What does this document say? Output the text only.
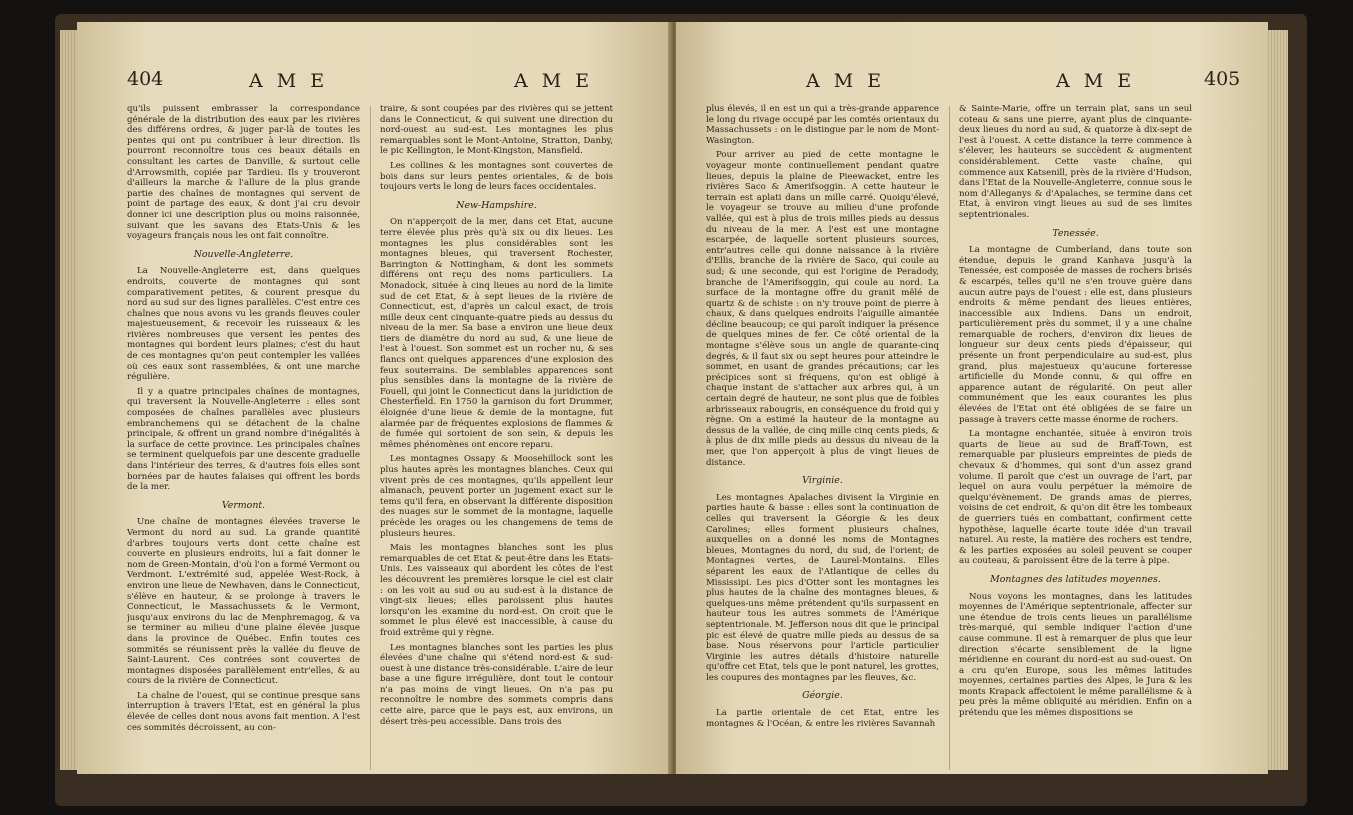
404	A M E	A M E

qu'ils puissent embrasser la correspondance générale de la distribution des eaux par les rivières des différens ordres, & juger par-là de toutes les pentes qui ont pu contribuer à leur direction. Ils pourront reconnoître tous ces beaux détails en consultant les cartes de Danville, & surtout celle d'Arrowsmith, copiée par Tardieu. Ils y trouveront d'ailleurs la marche & l'allure de la plus grande partie des chaînes de montagnes qui servent de point de partage des eaux, & dont j'ai cru devoir donner ici une description plus ou moins raisonnée, suivant que les savans des Etats-Unis & les voyageurs français nous les ont fait connoître.

Nouvelle-Angleterre.

La Nouvelle-Angleterre est, dans quelques endroits, couverte de montagnes qui sont comparativement petites, & courent presque du nord au sud sur des lignes parallèles. C'est entre ces chaînes que nous avons vu les grands fleuves couler majestueusement, & recevoir les ruisseaux & les rivières nombreuses que versent les pentes des montagnes qui bordent leurs plaines; c'est du haut de ces montagnes qu'on peut contempler les vallées où ces eaux sont rassemblées, & ont une marche régulière.

Il y a quatre principales chaînes de montagnes, qui traversent la Nouvelle-Angleterre : elles sont composées de chaînes parallèles avec plusieurs embranchemens qui se détachent de la chaîne principale, & offrent un grand nombre d'inégalités à la surface de cette province. Les principales chaînes se terminent quelquefois par une descente graduelle dans l'intérieur des terres, & d'autres fois elles sont bornées par de hautes falaises qui offrent les bords de la mer.

Vermont.

Une chaîne de montagnes élevées traverse le Vermont du nord au sud. La grande quantité d'arbres toujours verts dont cette chaîne est couverte en plusieurs endroits, lui a fait donner le nom de Green-Montain, d'où l'on a formé Vermont ou Verdmont. L'extrémité sud, appelée West-Rock, à environ une lieue de Newhaven, dans le Connecticut, s'élève en hauteur, & se prolonge à travers le Connecticut, le Massachussets & le Vermont, jusqu'aux environs du lac de Menphremagog, & va se terminer au milieu d'une plaine élevée jusque dans la province de Québec. Enfin toutes ces sommités se réunissent près la vallée du fleuve de Saint-Laurent. Ces contrées sont couvertes de montagnes disposées parallèlement entr'elles, & au cours de la rivière de Connecticut.

La chaîne de l'ouest, qui se continue presque sans interruption à travers l'Etat, est en général la plus élevée de celles dont nous avons fait mention. A l'est ces sommités décroissent, au con-

traire, & sont coupées par des rivières qui se jettent dans le Connecticut, & qui suivent une direction du nord-ouest au sud-est. Les montagnes les plus remarquables sont le Mont-Antoine, Stratton, Danby, le pic Kellington, le Mont-Kingston, Mansfield.

Les collines & les montagnes sont couvertes de bois dans sur leurs pentes orientales, & de bois toujours verts le long de leurs faces occidentales.

New-Hampshire.

On n'apperçoit de la mer, dans cet Etat, aucune terre élevée plus près qu'à six ou dix lieues. Les montagnes les plus considérables sont les montagnes bleues, qui traversent Rochester, Barrington & Nottingham, & dont les sommets différens ont reçu des noms particuliers. La Monadock, située à cinq lieues au nord de la limite sud de cet Etat, & à sept lieues de la rivière de Connecticut, est, d'après un calcul exact, de trois mille deux cent cinquante-quatre pieds au dessus du niveau de la mer. Sa base a environ une lieue deux tiers de diamètre du nord au sud, & une lieue de l'est à l'ouest. Son sommet est un rocher nu, & ses flancs ont quelques apparences d'une explosion des feux souterrains. De semblables apparences sont plus sensibles dans la montagne de la rivière de Fouell, qui joint le Connecticut dans la juridiction de Chesterfield. En 1750 la garnison du fort Drummer, éloignée d'une lieue & demie de la montagne, fut alarmée par de fréquentes explosions de flammes & de fumée qui sortoient de son sein, & depuis les mêmes phénomènes ont encore reparu.

Les montagnes Ossapy & Moosehillock sont les plus hautes après les montagnes blanches. Ceux qui vivent près de ces montagnes, qu'ils appellent leur almanach, peuvent porter un jugement exact sur le tems qu'il fera, en observant la différente disposition des nuages sur le sommet de la montagne, laquelle précède les orages ou les changemens de tems de plusieurs heures.

Mais les montagnes blanches sont les plus remarquables de cet Etat & peut-être dans les Etats-Unis. Les vaisseaux qui abordent les côtes de l'est les découvrent les premières lorsque le ciel est clair : on les voit au sud ou au sud-est à la distance de vingt-six lieues; elles paroissent plus hautes lorsqu'on les examine du nord-est. On croit que le sommet le plus élevé est inaccessible, à cause du froid extrême qui y règne.

Les montagnes blanches sont les parties les plus élevées d'une chaîne qui s'étend nord-est & sud-ouest à une distance très-considérable. L'aire de leur base a une figure irrégulière, dont tout le contour n'a pas moins de vingt lieues. On n'a pas pu reconnoître le nombre des sommets compris dans cette aire, parce que le pays est, aux environs, un désert très-peu accessible. Dans trois des

A M E	A M E	405

plus élevés, il en est un qui a très-grande apparence le long du rivage occupé par les comtés orientaux du Massachussets : on le distingue par le nom de Mont-Wasington.

Pour arriver au pied de cette montagne le voyageur monte continuellement pendant quatre lieues, depuis la plaine de Pieewacket, entre les rivières Saco & Amerifsoggin. A cette hauteur le terrain est aplati dans un mille carré. Quoiqu'élevé, le voyageur se trouve au milieu d'une profonde vallée, qui est à plus de trois milles pieds au dessus du niveau de la mer. A l'est est une montagne escarpée, de laquelle sortent plusieurs sources, entr'autres celle qui donne naissance à la rivière d'Ellis, branche de la rivière de Saco, qui coule au sud; & une seconde, qui est l'origine de Peradody, branche de l'Amerifsoggin, qui coule au nord. La surface de la montagne offre du granit mêlé de quartz & de schiste : on n'y trouve point de pierre à chaux, & dans quelques endroits l'aiguille aimantée décline beaucoup; ce qui paroît indiquer la présence de quelques mines de fer. Ce côté oriental de la montagne s'élève sous un angle de quarante-cinq degrés, & il faut six ou sept heures pour atteindre le sommet, en usant de grandes précautions; car les précipices sont si fréquens, qu'on est obligé à chaque instant de s'attacher aux arbres qui, à un certain degré de hauteur, ne sont plus que de foibles arbrisseaux rabougris, en conséquence du froid qui y règne. On a estimé la hauteur de la montagne au dessus de la vallée, de cinq mille cinq cents pieds, & à plus de dix mille pieds au dessus du niveau de la mer, que l'on apperçoit à plus de vingt lieues de distance.

Virginie.

Les montagnes Apalaches divisent la Virginie en parties haute & basse : elles sont la continuation de celles qui traversent la Géorgie & les deux Carolines; elles forment plusieurs chaînes, auxquelles on a donné les noms de Montagnes bleues, Montagnes du nord, du sud, de l'orient; de Montagnes vertes, de Laurel-Montains. Elles séparent les eaux de l'Atlantique de celles du Mississipi. Les pics d'Otter sont les montagnes les plus hautes de la chaîne des montagnes bleues, & quelques-uns même prétendent qu'ils surpassent en hauteur tous les autres sommets de l'Amérique septentrionale. M. Jefferson nous dit que le principal pic est élevé de quatre mille pieds au dessus de sa base. Nous réservons pour l'article particulier Virginie les autres détails d'histoire naturelle qu'offre cet Etat, tels que le pont naturel, les grottes, les coupures des montagnes par les fleuves, &c.

Géorgie.

La partie orientale de cet Etat, entre les montagnes & l'Océan, & entre les rivières Savannah

& Sainte-Marie, offre un terrain plat, sans un seul coteau & sans une pierre, ayant plus de cinquante-deux lieues du nord au sud, & quatorze à dix-sept de l'est à l'ouest. A cette distance la terre commence à s'élever, les hauteurs se succèdent & augmentent considérablement. Cette vaste chaîne, qui commence aux Katsenill, près de la rivière d'Hudson, dans l'Etat de la Nouvelle-Angleterre, connue sous le nom d'Alleganys & d'Apalaches, se termine dans cet Etat, à environ vingt lieues au sud de ses limites septentrionales.

Tenessée.

La montagne de Cumberland, dans toute son étendue, depuis le grand Kanhava jusqu'à la Tenessée, est composée de masses de rochers brisés & escarpés, telles qu'il ne s'en trouve guère dans aucun autre pays de l'ouest : elle est, dans plusieurs endroits & même pendant des lieues entières, inaccessible aux Indiens. Dans un endroit, particulièrement près du sommet, il y a une chaîne remarquable de rochers, d'environ dix lieues de longueur sur deux cents pieds d'épaisseur, qui présente un front perpendiculaire au sud-est, plus grand, plus majestueux qu'aucune forteresse artificielle du Monde connu, & qui offre en apparence autant de régularité. On peut aller communément que les eaux courantes les plus élevées de l'Etat ont été obligées de se faire un passage à travers cette masse énorme de rochers.

La montagne enchantée, située à environ trois quarts de lieue au sud de Braff-Town, est remarquable par plusieurs empreintes de pieds de chevaux & d'hommes, qui sont d'un assez grand volume. Il paroît que c'est un ouvrage de l'art, par lequel on aura voulu perpétuer la mémoire de quelqu'évènement. De grands amas de pierres, voisins de cet endroit, & qu'on dit être les tombeaux de guerriers tués en combattant, confirment cette hypothèse, laquelle écarte toute idée d'un travail naturel. Au reste, la matière des rochers est tendre, & les parties exposées au soleil peuvent se couper au couteau, & paroissent être de la terre à pipe.

Montagnes des latitudes moyennes.

Nous voyons les montagnes, dans les latitudes moyennes de l'Amérique septentrionale, affecter sur une étendue de trois cents lieues un parallélisme très-marqué, qui semble indiquer l'action d'une cause commune. Il est à remarquer de plus que leur direction s'écarte sensiblement de la ligne méridienne en courant du nord-est au sud-ouest. On a cru qu'en Europe, sous les mêmes latitudes moyennes, certaines parties des Alpes, le Jura & les monts Krapack affectoient le même parallélisme & à peu près la même obliquité au méridien. Enfin on a prétendu que les mêmes dispositions se
